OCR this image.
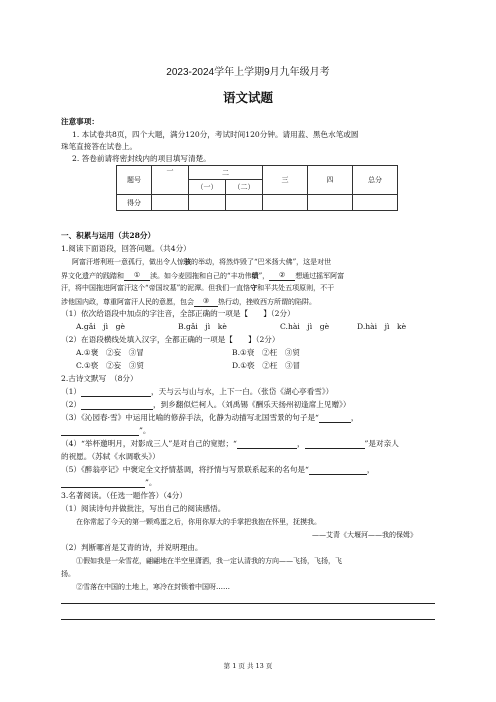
2023-2024学年上学期9月九年级月考
语文试题
注意事项：
1. 本试卷共8页，四个大题，满分120分，考试时间120分钟。请用蓝、黑色水笔或圆
珠笔直接答在试卷上。
2. 答卷前请将密封线内的项目填写清楚。
题号	一	二		三	四	总分
		（一）	（二）			
得分						
一、积累与运用（共28分）
1.阅读下面语段，回答问题。（共4分）
阿富汗塔利班一意孤行，做出令人惊骇的举动，将然炸毁了“巴米扬大佛”，这是对世
界文化遗产的践踏和 ① 渎。如今麦园拖和自己的“丰功伟绩”， ② 想通过摇军阿富
汗，将中国拖进阿富汗这个“帝国坟墓”的泥潭。但我们一直恪守和平共处五项原则，不干
涉他国内政，尊重阿富汗人民的意愿，包会 ③ 热行动，挫败西方所谓的陷阱。
（1）依次给语段中加点的字注音，全部正确的一项是【　　】（2分）
A.gǎi　jì　gè	B.gǎi　jì　kè	C.hài　jì　gè	D.hài　jì　kè
（2）在语段横线处填入汉字，全都正确的一项是【　　】（2分）
A.①褒　②妄　③冒	B.①衰　②枉　③贸
C.①亵　②妄　③贸	D.①亵　②枉　③冒
2.古诗文默写　（8分）
（1）	，天与云与山与水，上下一白。（张岱《湖心亭看雪》）
（2）	，到乡翻似烂柯人。（刘禹锡《酬乐天扬州初逢席上见赠》）
（3）《沁园春·雪》中运用比喻的修辞手法，化静为动描写北国雪景的句子是“	，
”。
（4）“举杯邀明月，对影成三人”是对自己的宽慰；“	，	”是对亲人
的祝愿。（苏轼《水调歌头》）
（5）《醉翁亭记》中褒定全文抒情基调，将抒情与写景联系起来的名句是“	，
”。
3.名著阅读。（任选一题作答）（4分）
（1）阅读诗句并做批注，写出自己的阅读感悟。
在你常起了今天的第一颗鸡蛋之后，你用你厚大的手掌把我抱在怀里，抚摸我。
——艾青《大堰河——我的保姆》
（2）判断哪首是艾青的诗，并说明理由。
①假如我是一朵雪花，翩翩地在半空里潇洒，我一定认清我的方向——飞扬，飞扬，飞
扬。
②雪落在中国的土地上，寒冷在封锁着中国呀……
第 1 页 共 13 页
